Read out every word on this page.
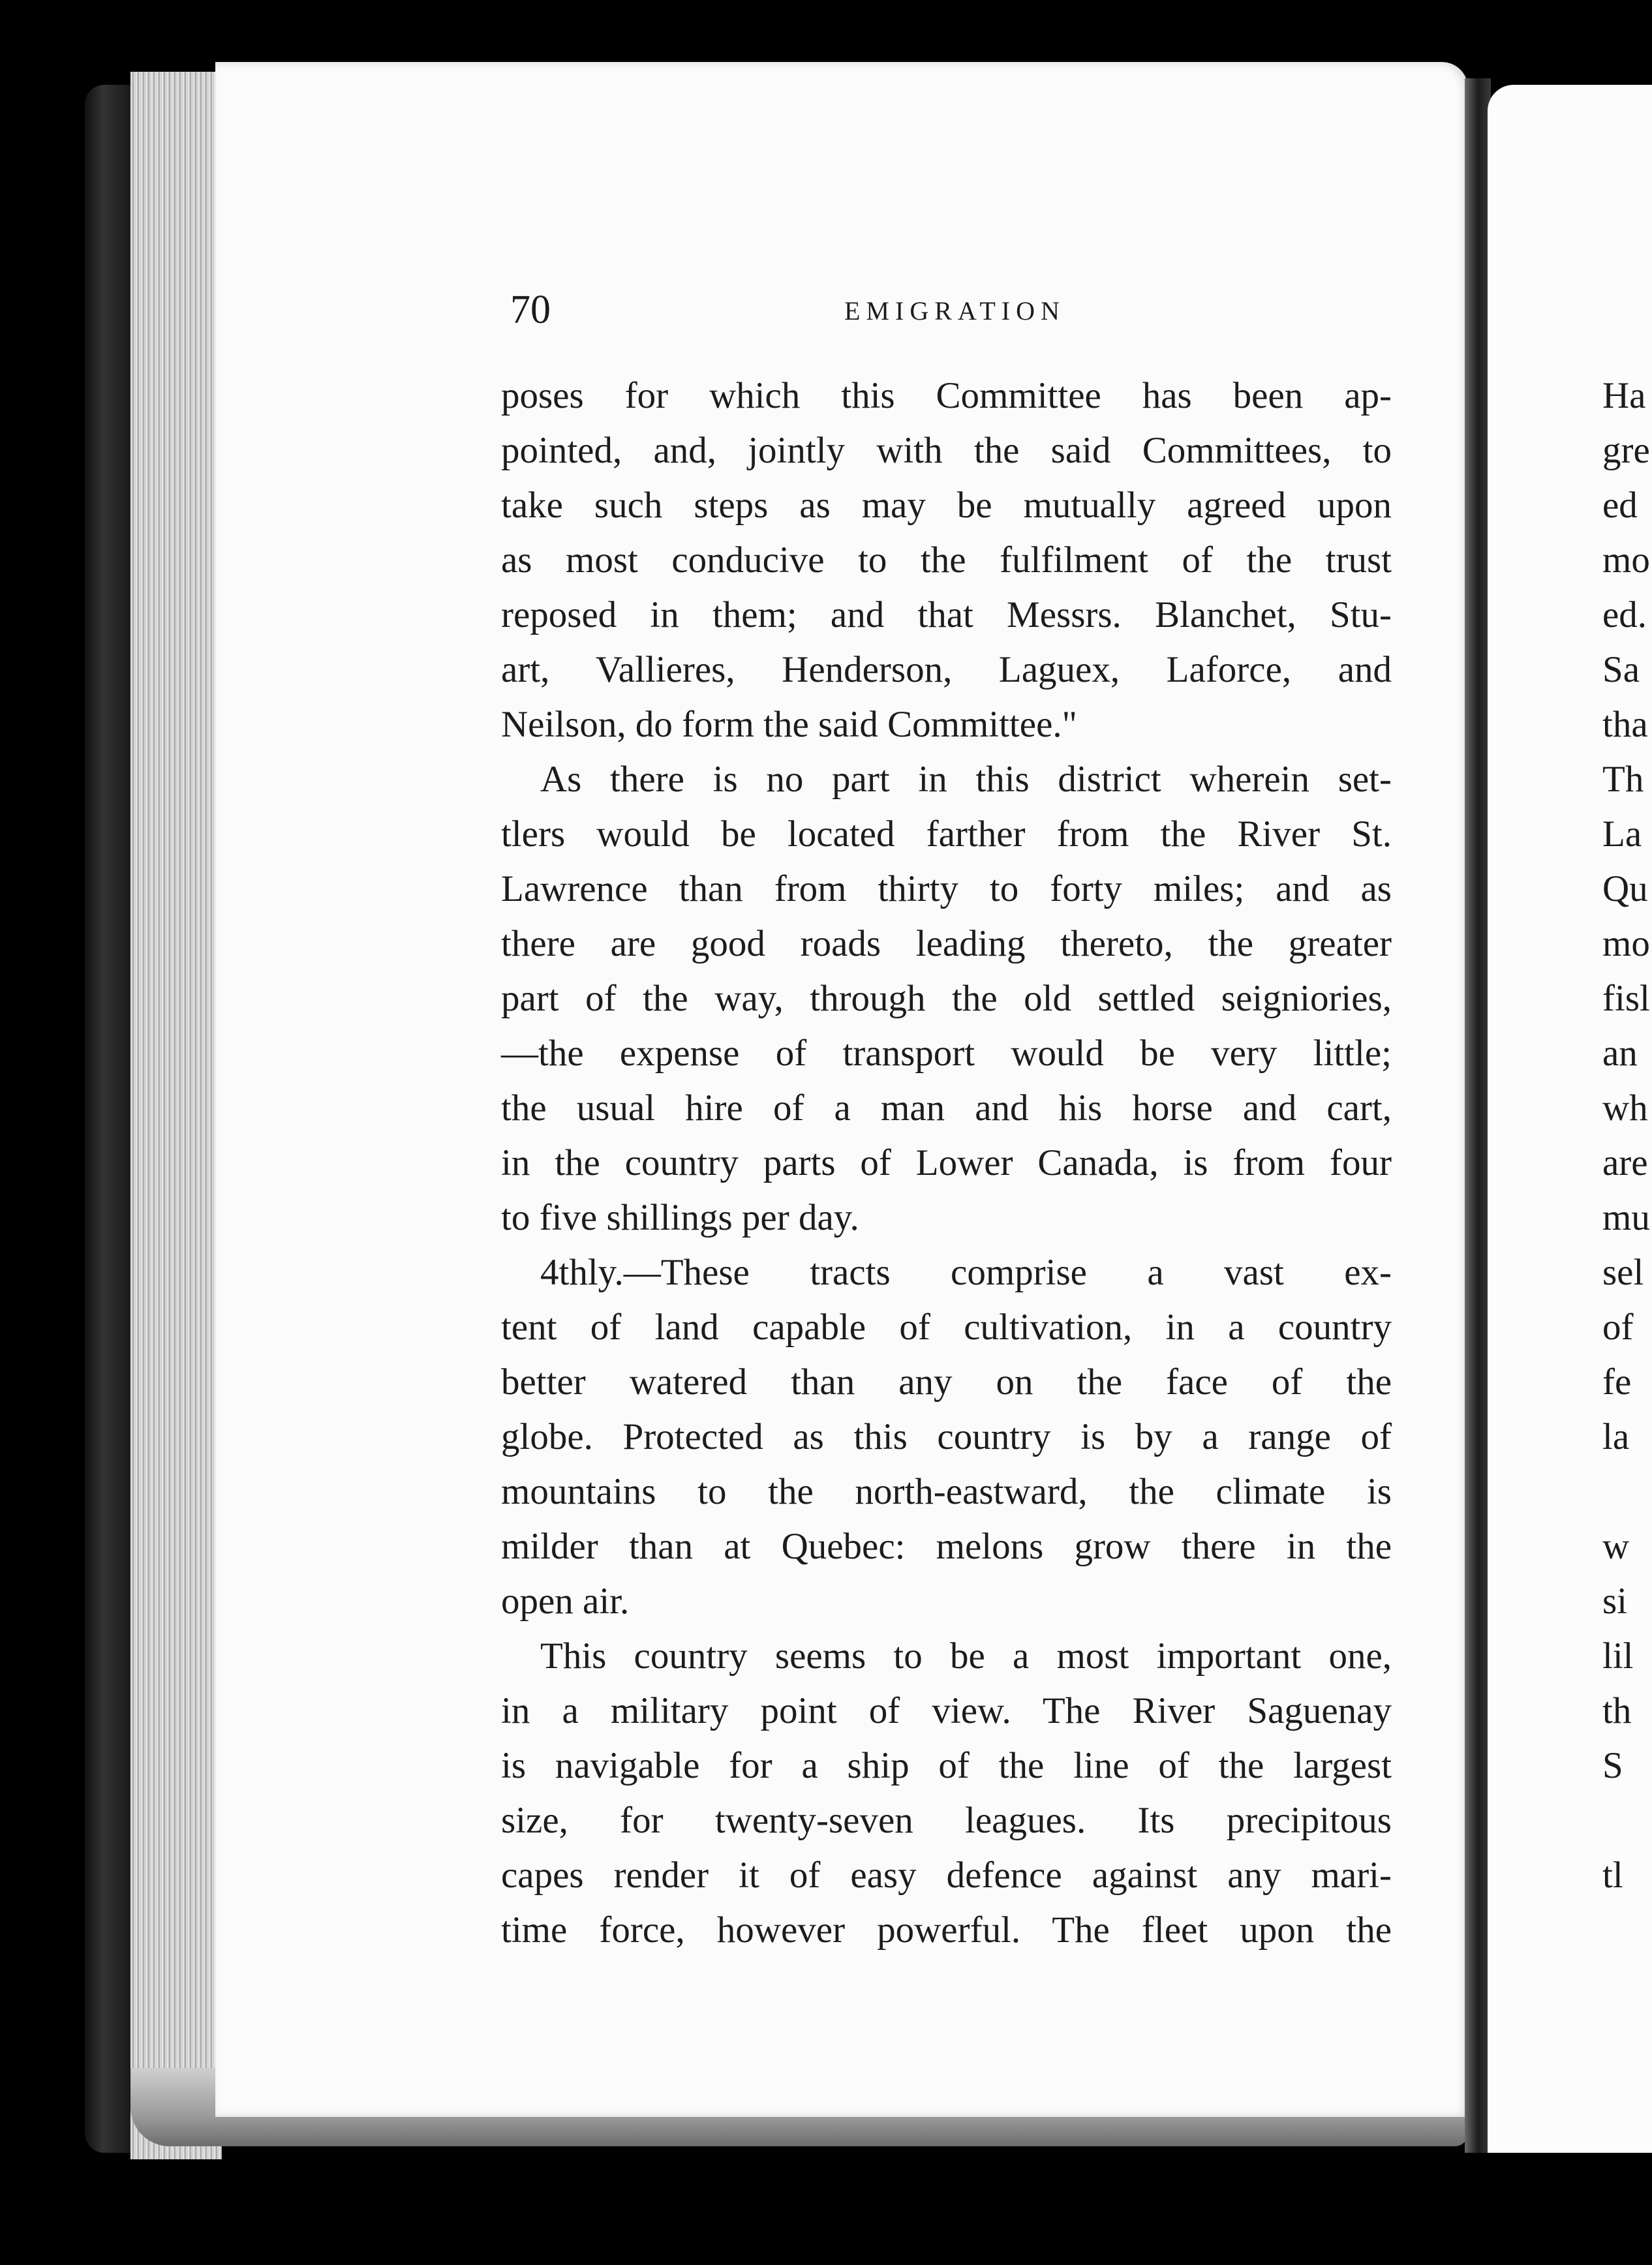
70	EMIGRATION
poses for which this Committee has been ap-
pointed, and, jointly with the said Committees, to
take such steps as may be mutually agreed upon
as most conducive to the fulfilment of the trust
reposed in them; and that Messrs. Blanchet, Stu-
art, Vallieres, Henderson, Laguex, Laforce, and
Neilson, do form the said Committee."
As there is no part in this district wherein set-
tlers would be located farther from the River St.
Lawrence than from thirty to forty miles; and as
there are good roads leading thereto, the greater
part of the way, through the old settled seigniories,
—the expense of transport would be very little;
the usual hire of a man and his horse and cart,
in the country parts of Lower Canada, is from four
to five shillings per day.
4thly.—These tracts comprise a vast ex-
tent of land capable of cultivation, in a country
better watered than any on the face of the
globe. Protected as this country is by a range of
mountains to the north-eastward, the climate is
milder than at Quebec: melons grow there in the
open air.
This country seems to be a most important one,
in a military point of view. The River Saguenay
is navigable for a ship of the line of the largest
size, for twenty-seven leagues. Its precipitous
capes render it of easy defence against any mari-
time force, however powerful. The fleet upon the
Ha
gre
ed
mo
ed.
Sa
tha
Th
La
Qu
mo
fisl
an
wh
are
mu
sel
of
fe
la
w
si
lil
th
S
tl
